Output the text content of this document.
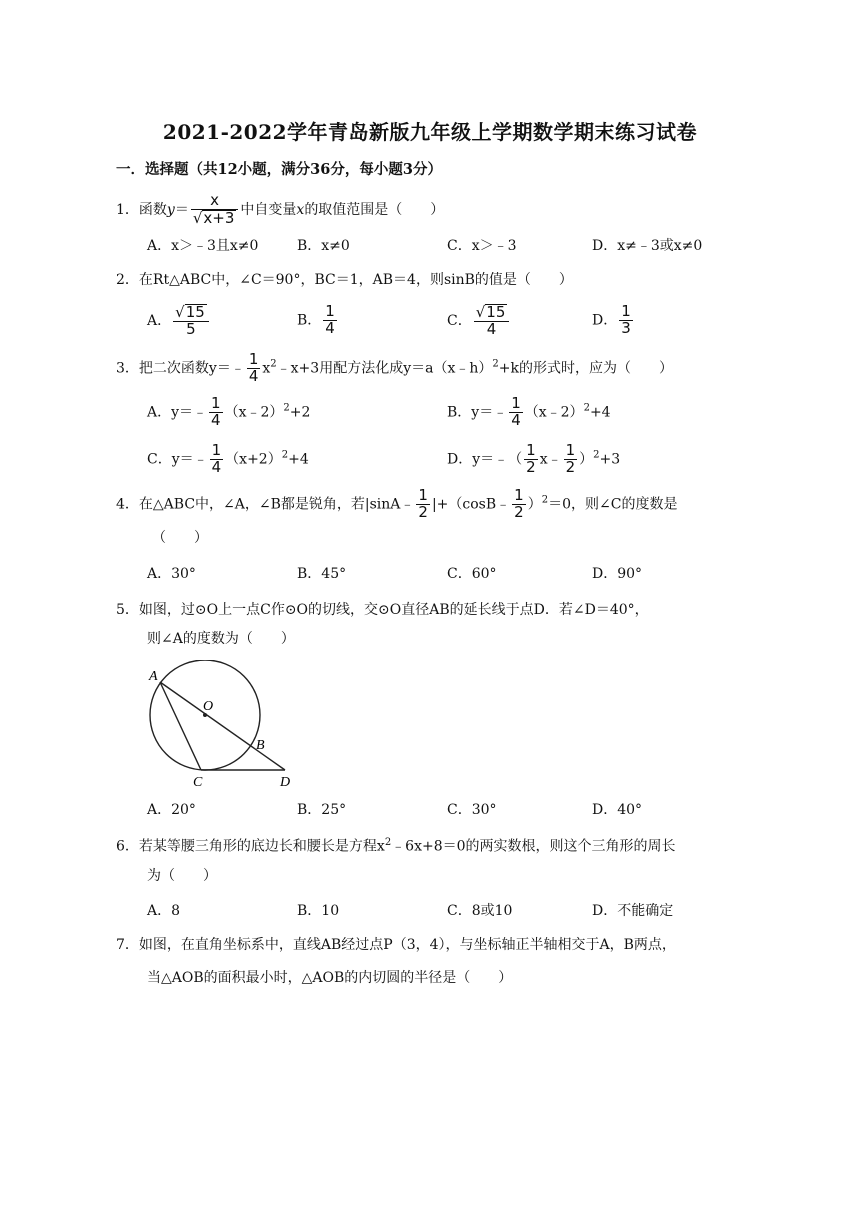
2021-2022学年青岛新版九年级上学期数学期末练习试卷
一．选择题（共12小题，满分36分，每小题3分）
1．函数$y= \frac{x}{√x+3}$ 中自变量x的取值范围是（　　）
A．x＞﹣3且x≠0	B．x≠0	C．x＞﹣3	D．x≠﹣3或x≠0
2．在Rt△ABC中，∠C＝90°，BC＝1，AB＝4，则sinB的值是（　　）
A． $\frac{√15}{5}$	B． $\frac{1}{4}$	C． $\frac{√15}{4}$	D． $\frac{1}{3}$
3．把二次函数y＝﹣ $\frac{1}{4}$ $x^2﹣x+3$用配方法化成y＝a（x﹣h）$^2$+k的形式时，应为（　　）
A．y＝﹣ $\frac{1}{4}$ （x﹣2）$^2$+2	B．y＝﹣ $\frac{1}{4}$ （x﹣2）$^2$+4
C．y＝﹣ $\frac{1}{4} (x+2)^2+4$	D．y＝﹣（ $\frac{1}{2}$ x﹣ $\frac{1}{2} )^2+3$
4．在△ABC中，∠A，∠B都是锐角，若|sinA﹣ $\frac{1}{2}$ |+（cosB﹣ $\frac{1}{2} )^2=0$，则∠C的度数是
（　　）
A．30°	B．45°	C．60°	D．90°
5．如图，过⊙O上一点C作⊙O的切线，交⊙O直径AB的延长线于点D．若∠D＝40°，
则∠A的度数为（　　）
A
O
B
C	D
A．20°	B．25°	C．30°	D．40°
6．若某等腰三角形的底边长和腰长是方程$x^2﹣6x+8=0$的两实数根，则这个三角形的周长
为（　　）
A．8	B．10	C．8或10	D．不能确定
7．如图，在直角坐标系中，直线AB经过点P（3，4），与坐标轴正半轴相交于A，B两点，
当△AOB的面积最小时，△AOB的内切圆的半径是（　　）
